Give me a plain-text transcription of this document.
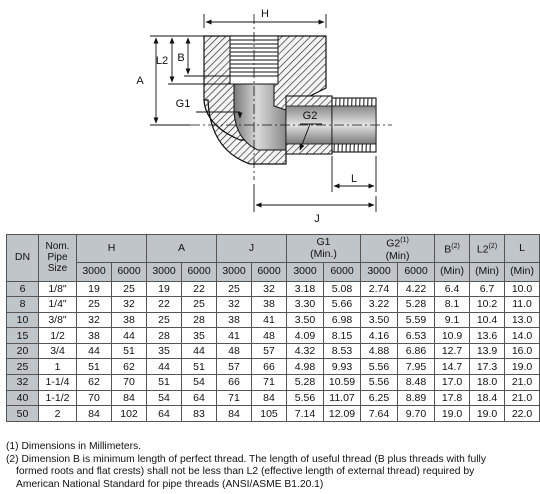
H
A
L2 B
G1
G2
L
J
DN	Nom.
Pipe
Size	H		A		J		G1
(Min.)		G2$^{(1)}$
(Min)		$B^{(2)}$	L2$^{(2)}$	L
		3000	6000	3000	6000	3000	6000	3000	6000	3000	6000	(Min)	(Min)	(Min)
6	1/8"	19	25	19	22	25	32	3.18	5.08	2.74	4.22	6.4	6.7	10.0
8	1/4"	25	32	22	25	32	38	3.30	5.66	3.22	5.28	8.1	10.2	11.0
10	3/8"	32	38	25	28	38	41	3.50	6.98	3.50	5.59	9.1	10.4	13.0
15	1/2	38	44	28	35	41	48	4.09	8.15	4.16	6.53	10.9	13.6	14.0
20	3/4	44	51	35	44	48	57	4.32	8.53	4.88	6.86	12.7	13.9	16.0
25	1	51	62	44	51	57	66	4.98	9.93	5.56	7.95	14.7	17.3	19.0
32	1-1/4	62	70	51	54	66	71	5.28	10.59	5.56	8.48	17.0	18.0	21.0
40	1-1/2	70	84	54	64	71	84	5.56	11.07	6.25	8.89	17.8	18.4	21.0
50	2	84	102	64	83	84	105	7.14	12.09	7.64	9.70	19.0	19.0	22.0
(1) Dimensions in Millimeters.
(2) Dimension B is minimum length of perfect thread. The length of useful thread (B plus threads with fully
formed roots and flat crests) shall not be less than L2 (effective length of external thread) required by
American National Standard for pipe threads (ANSI/ASME B1.20.1)
